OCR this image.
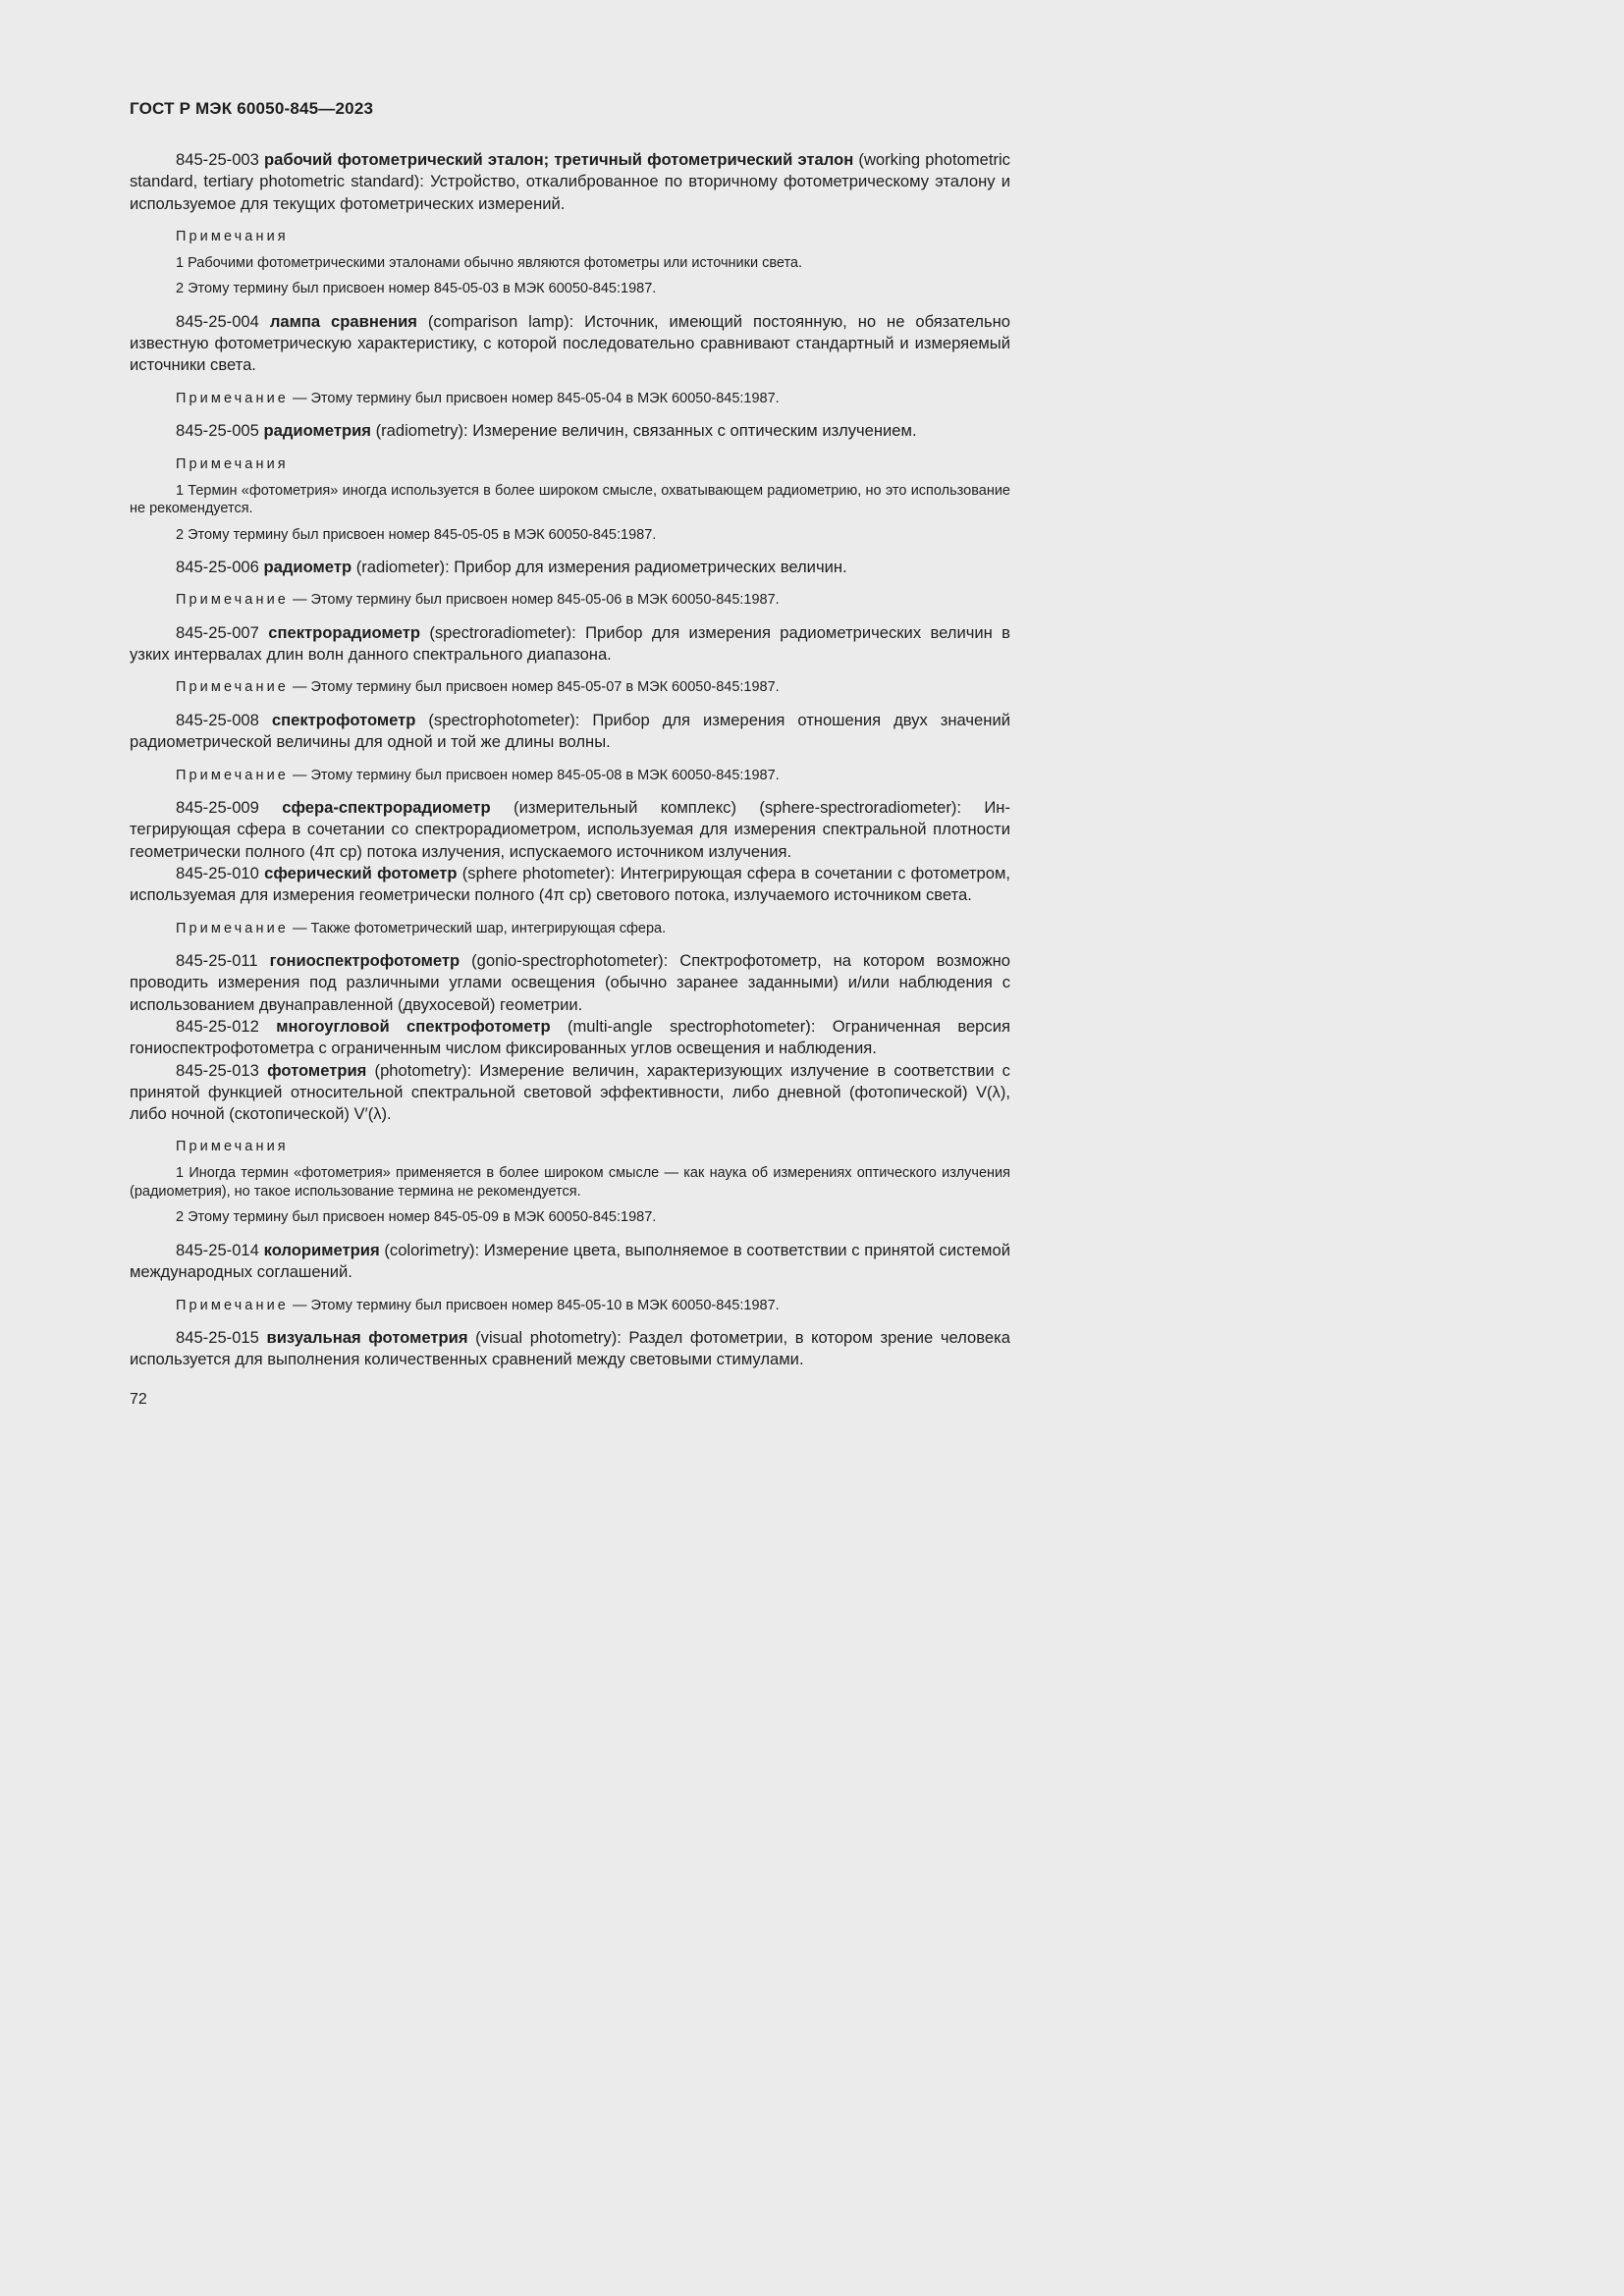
ГОСТ Р МЭК 60050-845—2023

845-25-003 рабочий фотометрический эталон; третичный фотометрический эталон (working photometric standard, tertiary photometric standard): Устройство, откалиброванное по вторичному фотометрическому эталону и используемое для текущих фотометрических измерений.

Примечания
1 Рабочими фотометрическими эталонами обычно являются фотометры или источники света.
2 Этому термину был присвоен номер 845-05-03 в МЭК 60050-845:1987.

845-25-004 лампа сравнения (comparison lamp): Источник, имеющий постоянную, но не обязательно известную фотометрическую характеристику, с которой последовательно сравнивают стандартный и измеряемый источники света.

Примечание — Этому термину был присвоен номер 845-05-04 в МЭК 60050-845:1987.

845-25-005 радиометрия (radiometry): Измерение величин, связанных с оптическим излучением.

Примечания
1 Термин «фотометрия» иногда используется в более широком смысле, охватывающем радиометрию, но это использование не рекомендуется.
2 Этому термину был присвоен номер 845-05-05 в МЭК 60050-845:1987.

845-25-006 радиометр (radiometer): Прибор для измерения радиометрических величин.

Примечание — Этому термину был присвоен номер 845-05-06 в МЭК 60050-845:1987.

845-25-007 спектрорадиометр (spectroradiometer): Прибор для измерения радиометрических величин в узких интервалах длин волн данного спектрального диапазона.

Примечание — Этому термину был присвоен номер 845-05-07 в МЭК 60050-845:1987.

845-25-008 спектрофотометр (spectrophotometer): Прибор для измерения отношения двух значений радиометрической величины для одной и той же длины волны.

Примечание — Этому термину был присвоен номер 845-05-08 в МЭК 60050-845:1987.

845-25-009 сфера-спектрорадиометр (измерительный комплекс) (sphere-spectroradiometer): Интегрирующая сфера в сочетании со спектрорадиометром, используемая для измерения спектральной плотности геометрически полного (4π ср) потока излучения, испускаемого источником излучения.

845-25-010 сферический фотометр (sphere photometer): Интегрирующая сфера в сочетании с фотометром, используемая для измерения геометрически полного (4π ср) светового потока, излучаемого источником света.

Примечание — Также фотометрический шар, интегрирующая сфера.

845-25-011 гониоспектрофотометр (gonio-spectrophotometer): Спектрофотометр, на котором возможно проводить измерения под различными углами освещения (обычно заранее заданными) и/или наблюдения с использованием двунаправленной (двухосевой) геометрии.

845-25-012 многоугловой спектрофотометр (multi-angle spectrophotometer): Ограниченная версия гониоспектрофотометра с ограниченным числом фиксированных углов освещения и наблюдения.

845-25-013 фотометрия (photometry): Измерение величин, характеризующих излучение в соответствии с принятой функцией относительной спектральной световой эффективности, либо дневной (фотопической) V(λ), либо ночной (скотопической) V′(λ).

Примечания
1 Иногда термин «фотометрия» применяется в более широком смысле — как наука об измерениях оптического излучения (радиометрия), но такое использование термина не рекомендуется.
2 Этому термину был присвоен номер 845-05-09 в МЭК 60050-845:1987.

845-25-014 колориметрия (colorimetry): Измерение цвета, выполняемое в соответствии с принятой системой международных соглашений.

Примечание — Этому термину был присвоен номер 845-05-10 в МЭК 60050-845:1987.

845-25-015 визуальная фотометрия (visual photometry): Раздел фотометрии, в котором зрение человека используется для выполнения количественных сравнений между световыми стимулами.

72
